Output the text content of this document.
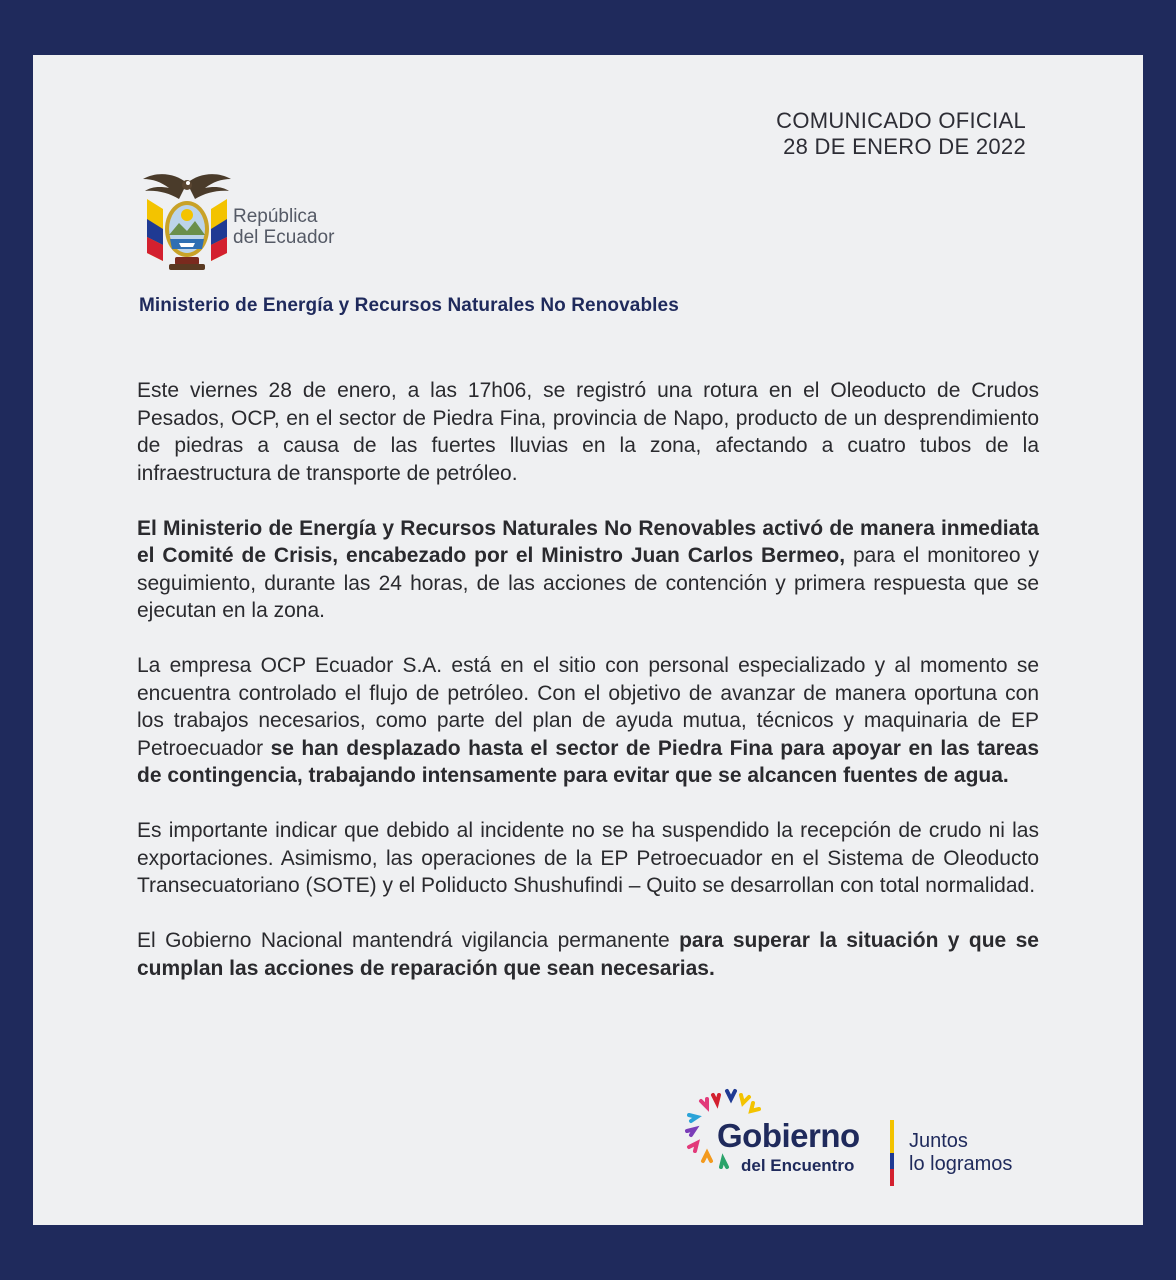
COMUNICADO OFICIAL
28 DE ENERO DE 2022
República
del Ecuador
Ministerio de Energía y Recursos Naturales No Renovables

Este viernes 28 de enero, a las 17h06, se registró una rotura en el Oleoducto de Crudos Pesados, OCP, en el sector de Piedra Fina, provincia de Napo, producto de un desprendimiento de piedras a causa de las fuertes lluvias en la zona, afectando a cuatro tubos de la infraestructura de transporte de petróleo.

El Ministerio de Energía y Recursos Naturales No Renovables activó de manera inmediata el Comité de Crisis, encabezado por el Ministro Juan Carlos Bermeo, para el monitoreo y seguimiento, durante las 24 horas, de las acciones de contención y primera respuesta que se ejecutan en la zona.

La empresa OCP Ecuador S.A. está en el sitio con personal especializado y al momento se encuentra controlado el flujo de petróleo. Con el objetivo de avanzar de manera oportuna con los trabajos necesarios, como parte del plan de ayuda mutua, técnicos y maquinaria de EP Petroecuador se han desplazado hasta el sector de Piedra Fina para apoyar en las tareas de contingencia, trabajando intensamente para evitar que se alcancen fuentes de agua.

Es importante indicar que debido al incidente no se ha suspendido la recepción de crudo ni las exportaciones. Asimismo, las operaciones de la EP Petroecuador en el Sistema de Oleoducto Transecuatoriano (SOTE) y el Poliducto Shushufindi – Quito se desarrollan con total normalidad.

El Gobierno Nacional mantendrá vigilancia permanente para superar la situación y que se cumplan las acciones de reparación que sean necesarias.

Gobierno
del Encuentro
Juntos
lo logramos
